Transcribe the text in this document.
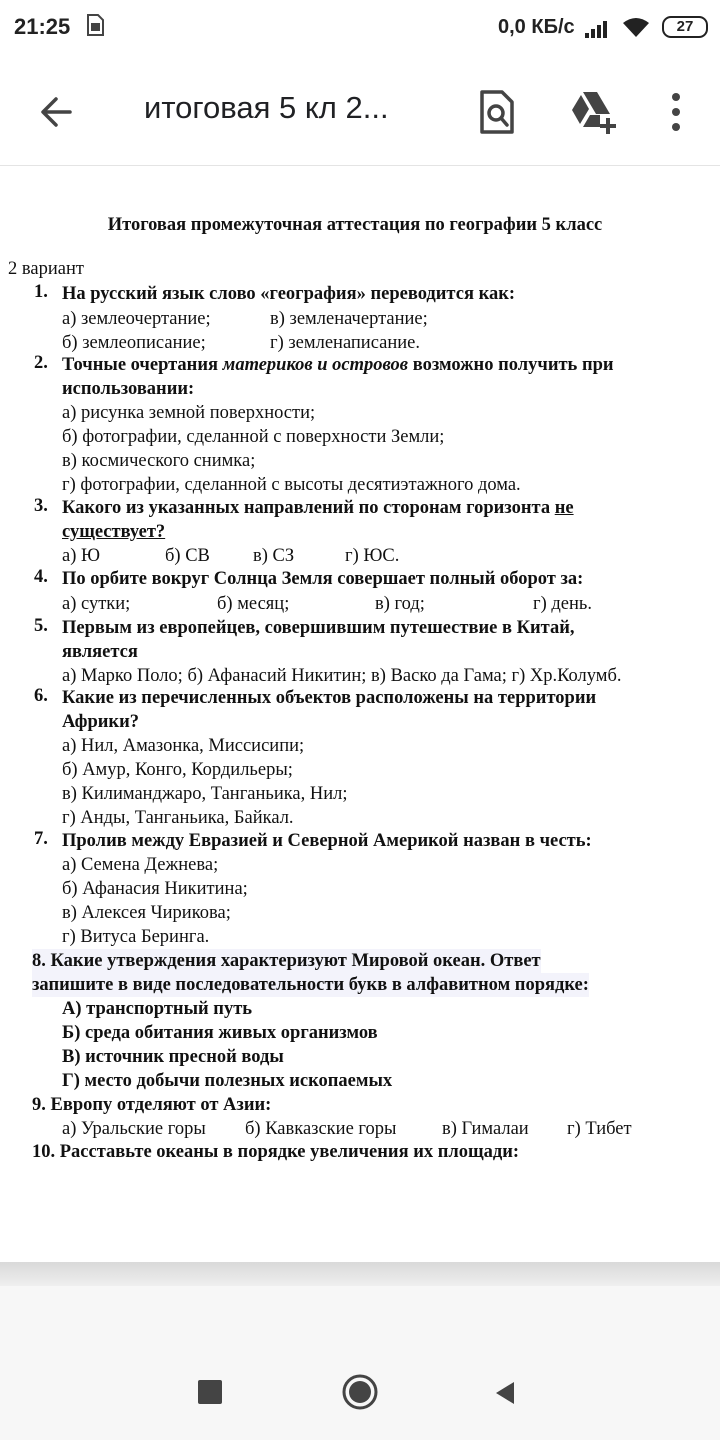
21:25	0,0 КБ/с	27
итоговая 5 кл 2...
Итоговая промежуточная аттестация по географии 5 класс
2 вариант
1. На русский язык слово «география» переводится как:
а) землеочертание;	в) земленачертание;
б) землеописание;	г) земленаписание.
2. Точные очертания материков и островов возможно получить при
использовании:
а) рисунка земной поверхности;
б) фотографии, сделанной с поверхности Земли;
в) космического снимка;
г) фотографии, сделанной с высоты десятиэтажного дома.
3. Какого из указанных направлений по сторонам горизонта не
существует?
а) Ю	б) СВ в) СЗ	г) ЮС.
4. По орбите вокруг Солнца Земля совершает полный оборот за:
а) сутки;	б) месяц;	в) год;	г) день.
5. Первым из европейцев, совершившим путешествие в Китай,
является
а) Марко Поло; б) Афанасий Никитин; в) Васко да Гама; г) Хр.Колумб.
6. Какие из перечисленных объектов расположены на территории
Африки?
а) Нил, Амазонка, Миссисипи;
б) Амур, Конго, Кордильеры;
в) Килиманджаро, Танганьика, Нил;
г) Анды, Танганьика, Байкал.
7. Пролив между Евразией и Северной Америкой назван в честь:
а) Семена Дежнева;
б) Афанасия Никитина;
в) Алексея Чирикова;
г) Витуса Беринга.
8. Какие утверждения характеризуют Мировой океан. Ответ
запишите в виде последовательности букв в алфавитном порядке:
А) транспортный путь
Б) среда обитания живых организмов
В) источник пресной воды
Г) место добычи полезных ископаемых
9. Европу отделяют от Азии:
а) Уральские горы б) Кавказские горы в) Гималаи г) Тибет
10. Расставьте океаны в порядке увеличения их площади:
